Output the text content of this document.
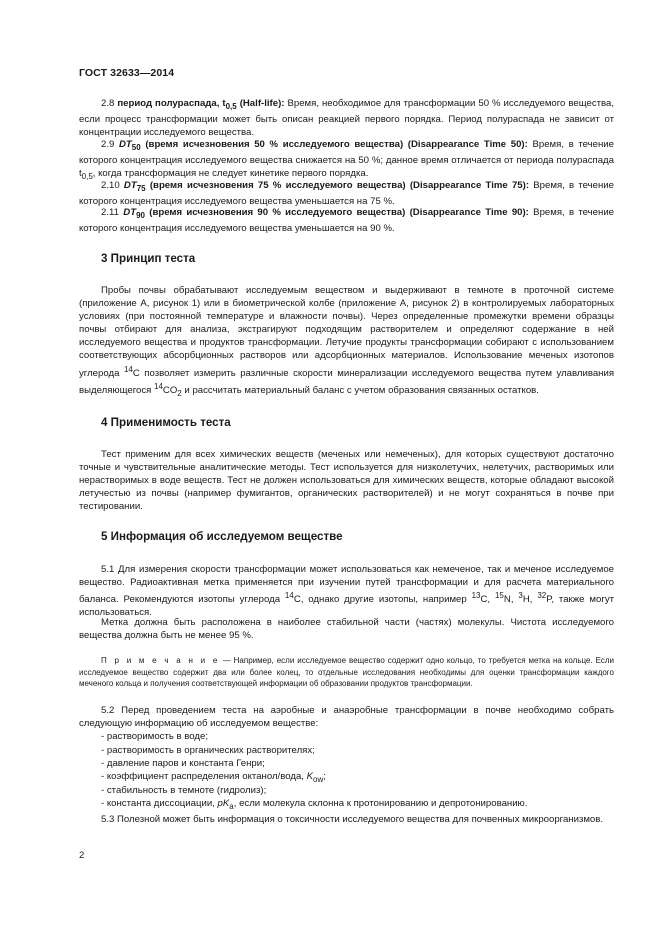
ГОСТ 32633—2014
2.8 период полураспада, $t_{0,5}$ (Half-life): Время, необходимое для трансформации 50 % исследуемого вещества, если процесс трансформации может быть описан реакцией первого порядка. Период полураспада не зависит от концентрации исследуемого вещества.
2.9 $DT_{50}$ (время исчезновения 50 % исследуемого вещества) (Disappearance Time 50): Время, в течение которого концентрация исследуемого вещества снижается на 50 %; данное время отличается от периода полураспада $t_{0,5}$, когда трансформация не следует кинетике первого порядка.
2.10 $DT_{75}$ (время исчезновения 75 % исследуемого вещества) (Disappearance Time 75): Время, в течение которого концентрация исследуемого вещества уменьшается на 75 %.
2.11 $DT_{90}$ (время исчезновения 90 % исследуемого вещества) (Disappearance Time 90): Время, в течение которого концентрация исследуемого вещества уменьшается на 90 %.
3 Принцип теста
Пробы почвы обрабатывают исследуемым веществом и выдерживают в темноте в проточной системе (приложение А, рисунок 1) или в биометрической колбе (приложение А, рисунок 2) в контролируемых лабораторных условиях (при постоянной температуре и влажности почвы). Через определенные промежутки времени образцы почвы отбирают для анализа, экстрагируют подходящим растворителем и определяют содержание в ней исследуемого вещества и продуктов трансформации. Летучие продукты трансформации собирают с использованием соответствующих абсорбционных растворов или адсорбционных материалов. Использование меченых изотопов углерода $^{14}$C позволяет измерить различные скорости минерализации исследуемого вещества путем улавливания выделяющегося $^{14}CO_2$ и рассчитать материальный баланс с учетом образования связанных остатков.
4 Применимость теста
Тест применим для всех химических веществ (меченых или немеченых), для которых существуют достаточно точные и чувствительные аналитические методы. Тест используется для низколетучих, нелетучих, растворимых или нерастворимых в воде веществ. Тест не должен использоваться для химических веществ, которые обладают высокой летучестью из почвы (например фумигантов, органических растворителей) и не могут сохраняться в почве при тестировании.
5 Информация об исследуемом веществе
5.1 Для измерения скорости трансформации может использоваться как немеченое, так и меченое исследуемое вещество. Радиоактивная метка применяется при изучении путей трансформации и для расчета материального баланса. Рекомендуются изотопы углерода $^{14}$C, однако другие изотопы, например $^{13}$C, $^{15}$N, $^3$H, $^{32}$P, также могут использоваться.
Метка должна быть расположена в наиболее стабильной части (частях) молекулы. Чистота исследуемого вещества должна быть не менее 95 %.
П р и м е ч а н и е — Например, если исследуемое вещество содержит одно кольцо, то требуется метка на кольце. Если исследуемое вещество содержит два или более колец, то отдельные исследования необходимы для оценки трансформации каждого меченого кольца и получения соответствующей информации об образовании продуктов трансформации.
5.2 Перед проведением теста на аэробные и анаэробные трансформации в почве необходимо собрать следующую информацию об исследуемом веществе:
- растворимость в воде;
- растворимость в органических растворителях;
- давление паров и константа Генри;
- коэффициент распределения октанол/вода, $K_{ow}$;
- стабильность в темноте (гидролиз);
- константа диссоциации, $pK_a$, если молекула склонна к протонированию и депротонированию.
5.3 Полезной может быть информация о токсичности исследуемого вещества для почвенных микроорганизмов.
2
